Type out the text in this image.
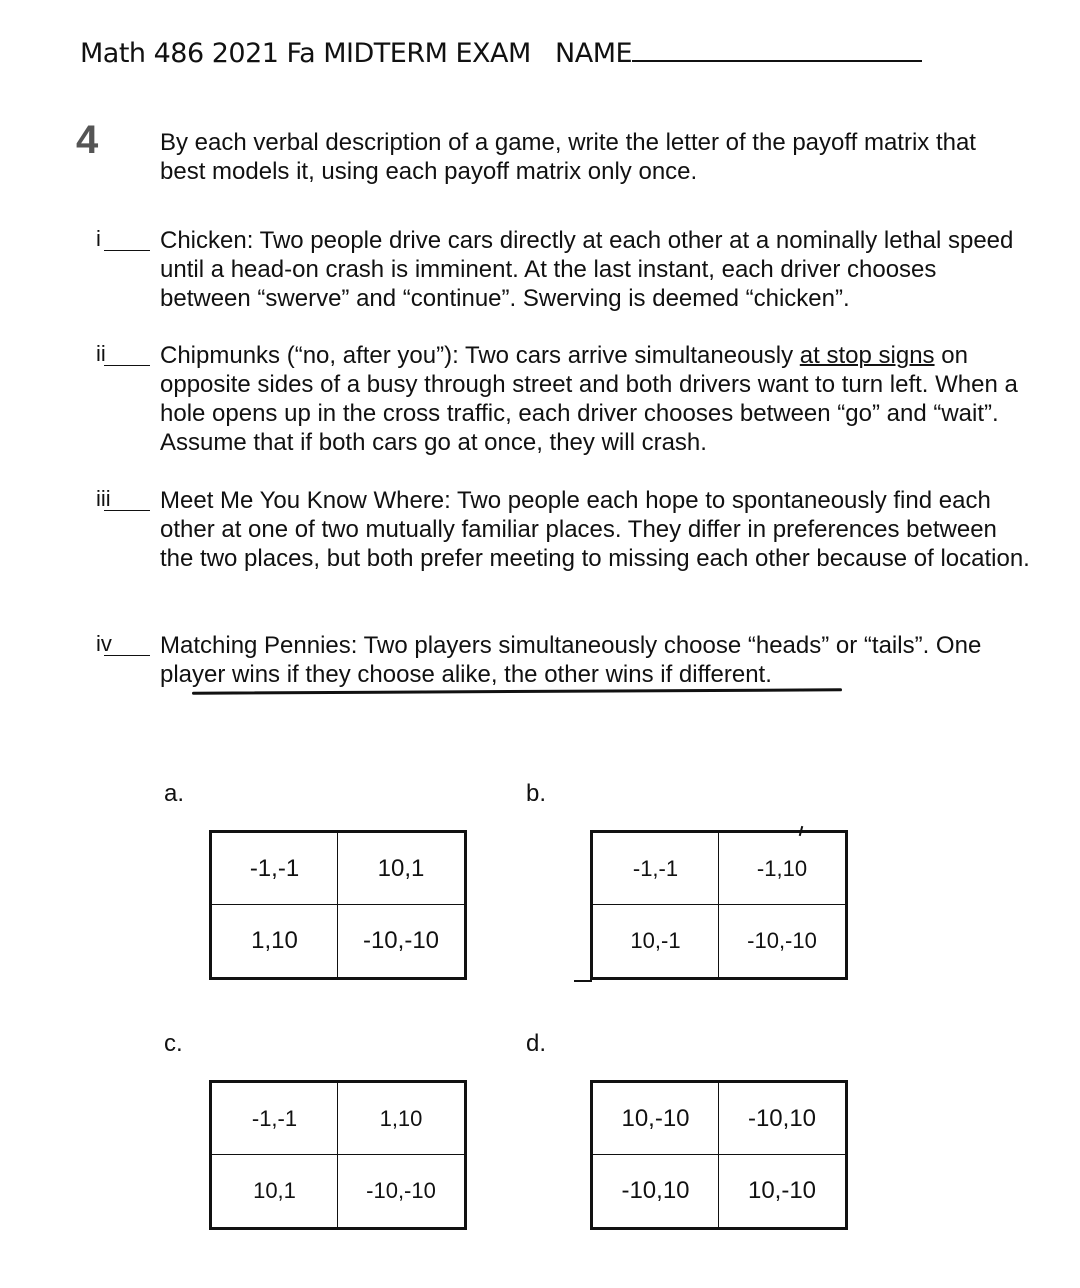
Math 486 2021 Fa MIDTERM EXAM NAME
4	By each verbal description of a game, write the letter of the payoff matrix that best models it, using each payoff matrix only once.
i	Chicken: Two people drive cars directly at each other at a nominally lethal speed until a head-on crash is imminent. At the last instant, each driver chooses between “swerve” and “continue”. Swerving is deemed “chicken”.
ii	Chipmunks (“no, after you”): Two cars arrive simultaneously at stop signs on opposite sides of a busy through street and both drivers want to turn left. When a hole opens up in the cross traffic, each driver chooses between “go” and “wait”. Assume that if both cars go at once, they will crash.
iii	Meet Me You Know Where: Two people each hope to spontaneously find each other at one of two mutually familiar places. They differ in preferences between the two places, but both prefer meeting to missing each other because of location.
iv	Matching Pennies: Two players simultaneously choose “heads” or “tails”. One player wins if they choose alike, the other wins if different.
a.
-1,-1	10,1
1,10	-10,-10
b.
-1,-1	-1,10
10,-1	-10,-10
c.
-1,-1	1,10
10,1	-10,-10
d.
10,-10	-10,10
-10,10	10,-10
